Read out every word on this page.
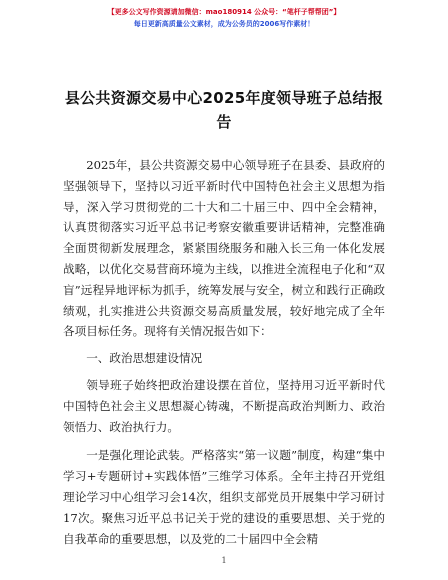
【更多公文写作资源请加微信：mao180914 公众号：“笔杆子帮帮团”】
每日更新高质量公文素材，成为公务员的2006写作素材！
县公共资源交易中心2025年度领导班子总结报告

2025年，县公共资源交易中心领导班子在县委、县政府的坚强领导下，坚持以习近平新时代中国特色社会主义思想为指导，深入学习贯彻党的二十大和二十届三中、四中全会精神，认真贯彻落实习近平总书记考察安徽重要讲话精神，完整准确全面贯彻新发展理念，紧紧围绕服务和融入长三角一体化发展战略，以优化交易营商环境为主线，以推进全流程电子化和“双盲”远程异地评标为抓手，统筹发展与安全，树立和践行正确政绩观，扎实推进公共资源交易高质量发展，较好地完成了全年各项目标任务。现将有关情况报告如下：

一、政治思想建设情况

领导班子始终把政治建设摆在首位，坚持用习近平新时代中国特色社会主义思想凝心铸魂，不断提高政治判断力、政治领悟力、政治执行力。

一是强化理论武装。严格落实“第一议题”制度，构建“集中学习+专题研讨+实践体悟”三维学习体系。全年主持召开党组理论学习中心组学习会14次，组织支部党员开展集中学习研讨17次。聚焦习近平总书记关于党的建设的重要思想、关于党的自我革命的重要思想，以及党的二十届四中全会精

1
